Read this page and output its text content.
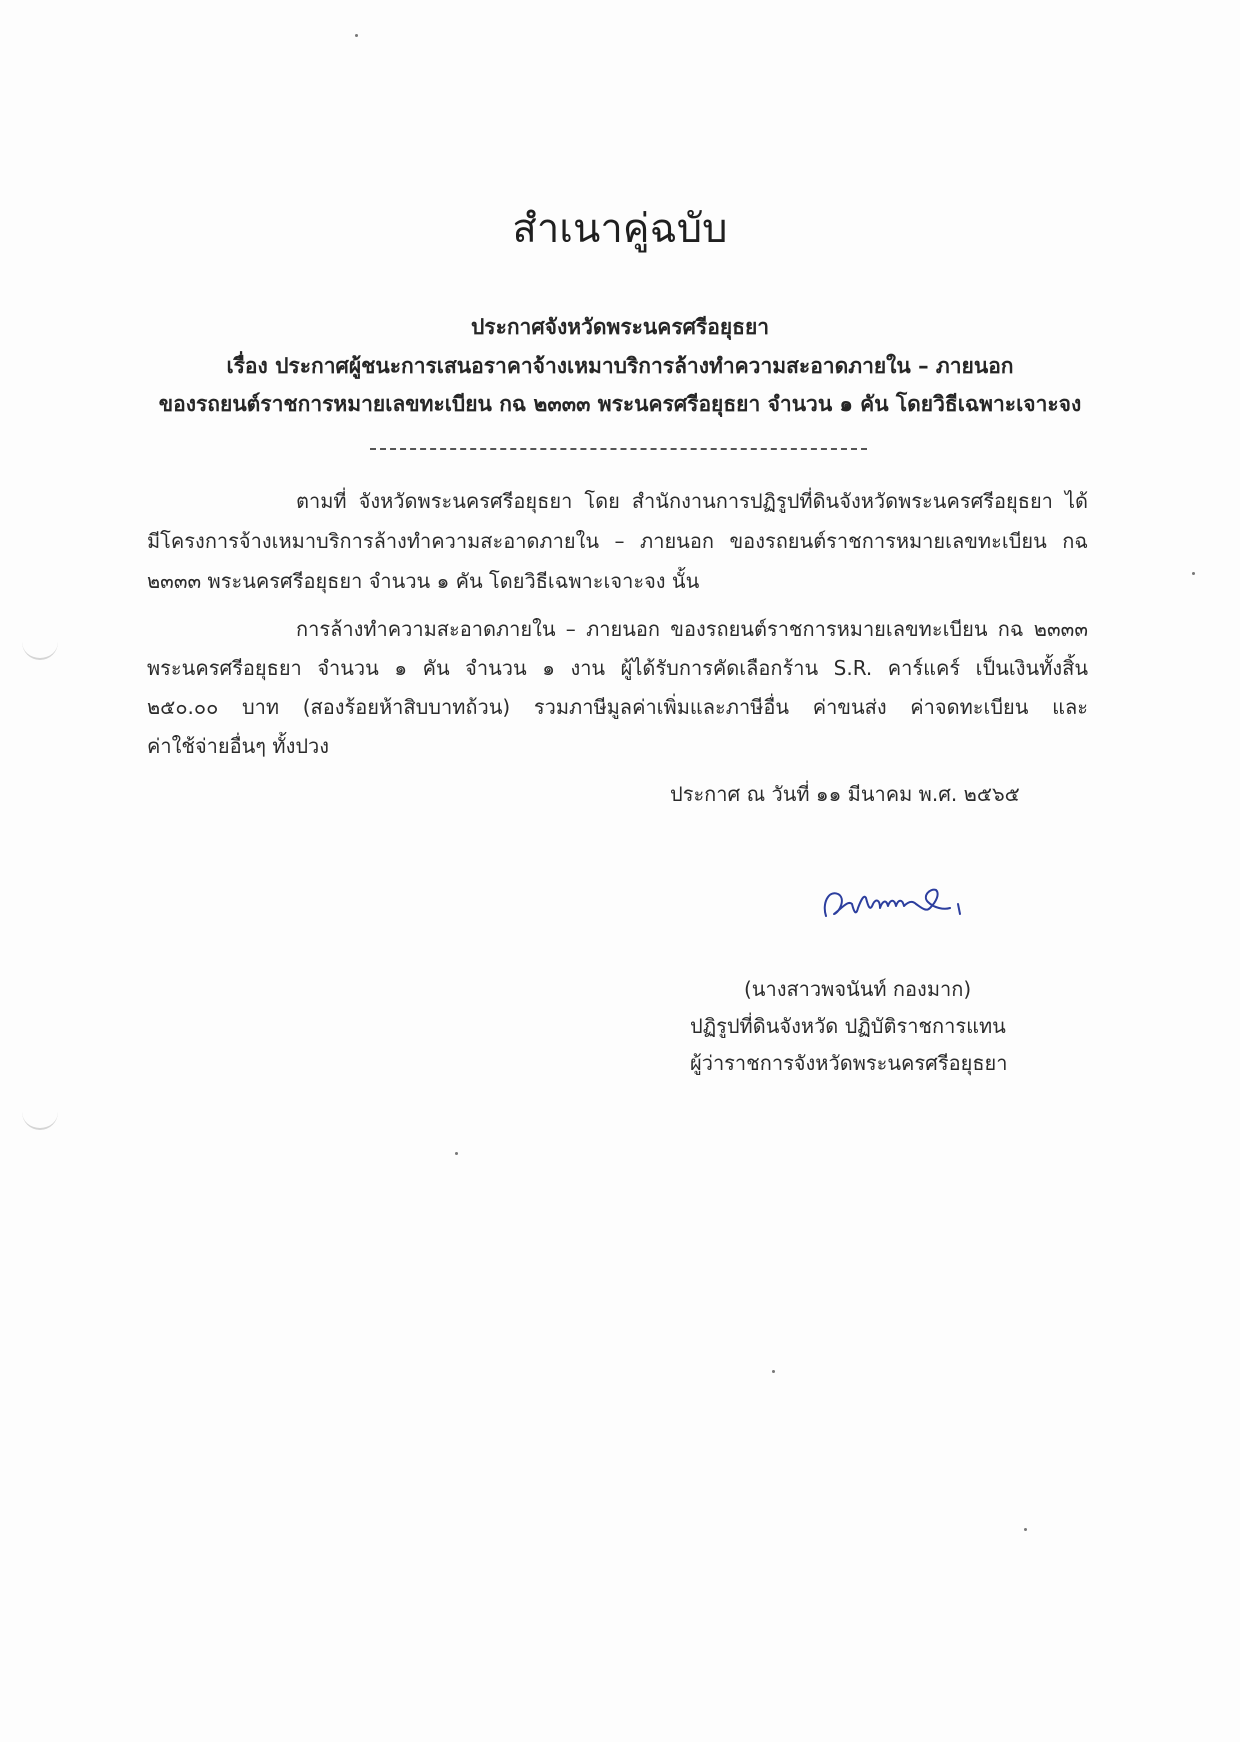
สำเนาคู่ฉบับ
ประกาศจังหวัดพระนครศรีอยุธยา
เรื่อง ประกาศผู้ชนะการเสนอราคาจ้างเหมาบริการล้างทำความสะอาดภายใน – ภายนอก
ของรถยนต์ราชการหมายเลขทะเบียน กฉ ๒๓๓๓ พระนครศรีอยุธยา จำนวน ๑ คัน โดยวิธีเฉพาะเจาะจง
ตามที่ จังหวัดพระนครศรีอยุธยา โดย สำนักงานการปฏิรูปที่ดินจังหวัดพระนครศรีอยุธยา ได้
มีโครงการจ้างเหมาบริการล้างทำความสะอาดภายใน – ภายนอก ของรถยนต์ราชการหมายเลขทะเบียน กฉ
๒๓๓๓ พระนครศรีอยุธยา จำนวน ๑ คัน โดยวิธีเฉพาะเจาะจง นั้น
การล้างทำความสะอาดภายใน – ภายนอก ของรถยนต์ราชการหมายเลขทะเบียน กฉ ๒๓๓๓
พระนครศรีอยุธยา จำนวน ๑ คัน จำนวน ๑ งาน ผู้ได้รับการคัดเลือกร้าน S.R. คาร์แคร์ เป็นเงินทั้งสิ้น
๒๕๐.๐๐ บาท (สองร้อยห้าสิบบาทถ้วน) รวมภาษีมูลค่าเพิ่มและภาษีอื่น ค่าขนส่ง ค่าจดทะเบียน และ
ค่าใช้จ่ายอื่นๆ ทั้งปวง
ประกาศ ณ วันที่ ๑๑ มีนาคม พ.ศ. ๒๕๖๕
(นางสาวพจนันท์ กองมาก)
ปฏิรูปที่ดินจังหวัด ปฏิบัติราชการแทน
ผู้ว่าราชการจังหวัดพระนครศรีอยุธยา
